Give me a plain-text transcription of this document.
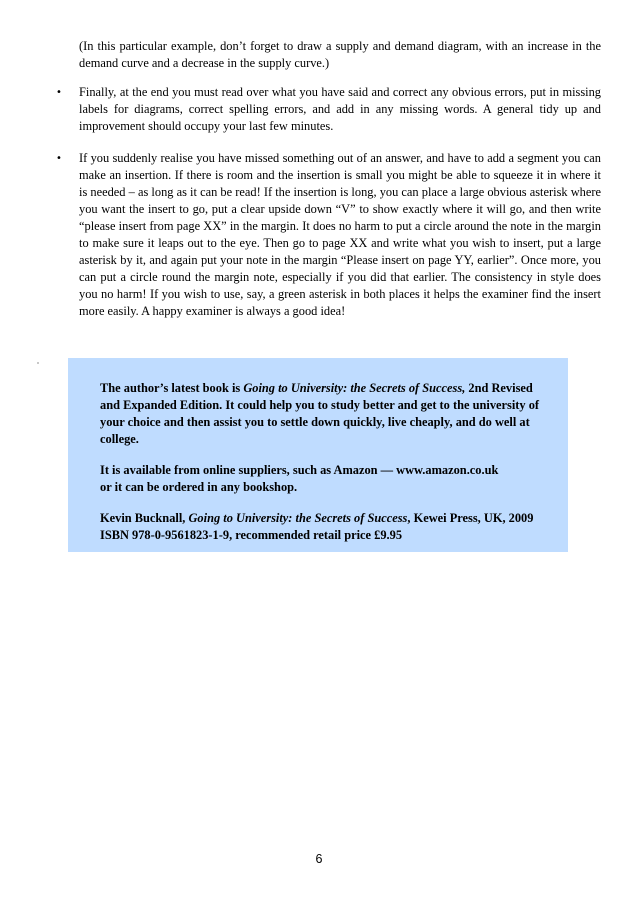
(In this particular example, don’t forget to draw a supply and demand diagram, with an increase in the demand curve and a decrease in the supply curve.)

• Finally, at the end you must read over what you have said and correct any obvious errors, put in missing labels for diagrams, correct spelling errors, and add in any missing words. A general tidy up and improvement should occupy your last few minutes.
• If you suddenly realise you have missed something out of an answer, and have to add a segment you can make an insertion. If there is room and the insertion is small you might be able to squeeze it in where it is needed – as long as it can be read! If the insertion is long, you can place a large obvious asterisk where you want the insert to go, put a clear upside down “V” to show exactly where it will go, and then write “please insert from page XX” in the margin. It does no harm to put a circle around the note in the margin to make sure it leaps out to the eye. Then go to page XX and write what you wish to insert, put a large asterisk by it, and again put your note in the margin “Please insert on page YY, earlier”. Once more, you can put a circle round the margin note, especially if you did that earlier. The consistency in style does you no harm! If you wish to use, say, a green asterisk in both places it helps the examiner find the insert more easily. A happy examiner is always a good idea!

The author’s latest book is Going to University: the Secrets of Success, 2nd Revised and Expanded Edition. It could help you to study better and get to the university of your choice and then assist you to settle down quickly, live cheaply, and do well at college.

It is available from online suppliers, such as Amazon — www.amazon.co.uk
or it can be ordered in any bookshop.

Kevin Bucknall, Going to University: the Secrets of Success, Kewei Press, UK, 2009
ISBN 978-0-9561823-1-9, recommended retail price £9.95

6
